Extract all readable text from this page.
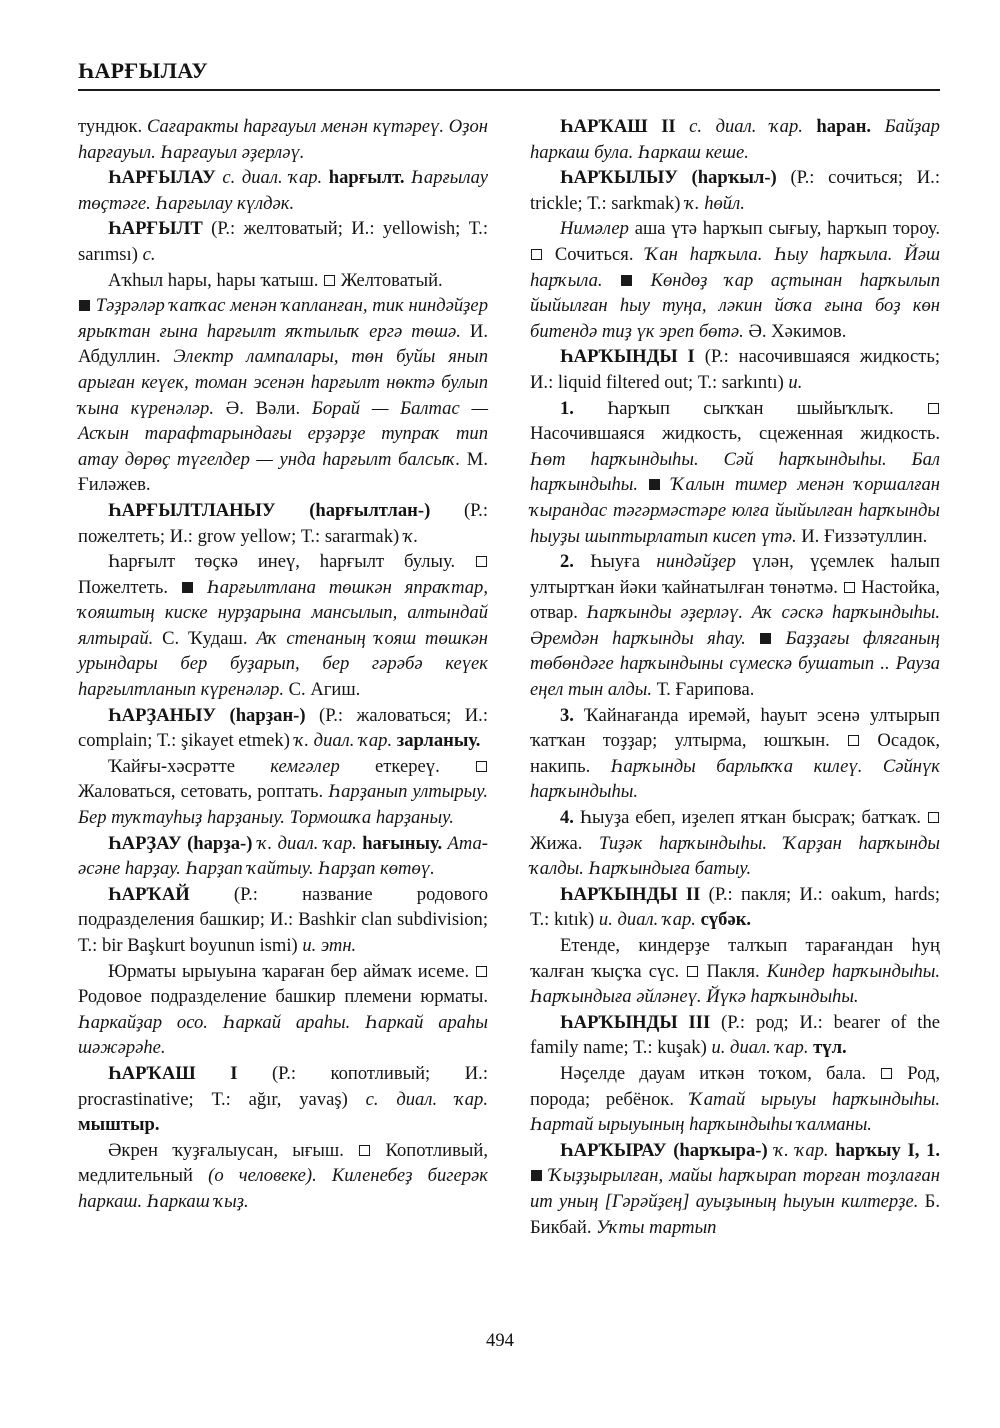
ҺАРҒЫЛАУ

тундюк. Сағаракты һарғауыл менән күтәреү. Оҙон һарғауыл. Һарғауыл әҙерләү.

ҺАРҒЫЛАУ с. диал. ҡар. һарғылт. Һарғылау төҫтәге. Һарғылау күлдәк.

ҺАРҒЫЛТ (Р.: желтоватый; И.: yellowish; Т.: sarımsı) с.

Аҡһыл һары, һары ҡатыш.  Желтоватый.

Тәҙрәләр ҡапҡас менән ҡапланған, тик ниндәйҙер ярыҡтан ғына һарғылт яҡтылыҡ ергә төшә. И. Абдуллин. Электр лампалары, төн буйы янып арыған кеүек, томан эсенән һарғылт нөктә булып ҡына күренәләр. Ә. Вәли. Борай — Балтас — Асҡын тарафтарындағы ерҙәрҙе тупраҡ тип атау дөрөҫ түгелдер — унда һарғылт балсыҡ. М. Ғиләжев.

ҺАРҒЫЛТЛАНЫУ (һарғылтлан-) (Р.: пожелтеть; И.: grow yellow; Т.: sararmak) ҡ.

Һарғылт төҫкә инеү, һарғылт булыу.  Пожелтеть.  Һарғылтлана төшкән япраҡтар, ҡояштың киске нурҙарына мансылып, алтындай ялтырай. С. Ҡудаш. Аҡ стенаның ҡояш төшкән урындары бер буҙарып, бер гәрәбә кеүек һарғылтланып күренәләр. С. Агиш.

ҺАРҘАНЫУ (һарҙан-) (Р.: жаловаться; И.: complain; Т.: şikayet etmek) ҡ. диал. ҡар. зарланыу.

Ҡайғы-хәсрәтте кемгәлер еткереү.  Жаловаться, сетовать, роптать. Һарҙанып ултырыу. Бер туҡтауһыҙ һарҙаныу. Тормошҡа һарҙаныу.

ҺАРҘАУ (һарҙа-) ҡ. диал. ҡар. һағыныу. Ата-әсәне һарҙау. Һарҙап ҡайтыу. Һарҙап көтөү.

ҺАРҠАЙ (Р.: название родового подразделения башкир; И.: Bashkir clan subdivision; Т.: bir Başkurt boyunun ismi) и. этн.

Юрматы ырыуына ҡараған бер аймаҡ исеме.  Родовое подразделение башкир племени юрматы. Һаркайҙар осо. Һаркай араһы. Һаркай араһы шәжәрәһе.

ҺАРҠАШ I (Р.: копотливый; И.: procrastinative; Т.: ağır, yavaş) с. диал. ҡар. мыштыр.

Әкрен ҡуҙғалыусан, ығыш.  Копотливый, медлительный (о человеке). Киленебеҙ бигерәк һаркаш. Һаркаш ҡыҙ.

ҺАРҠАШ II с. диал. ҡар. һаран. Байҙар һаркаш була. Һаркаш кеше.

ҺАРҠЫЛЫУ (һарҡыл-) (Р.: сочиться; И.: trickle; Т.: sarkmak) ҡ. һөйл.

Нимәлер аша үтә һарҡып сығыу, һарҡып тороу.  Сочиться. Ҡан һарҡыла. Һыу һарҡыла. Йәш һарҡыла.  Көндөҙ ҡар аҫтынан һарҡылып йыйылған һыу туңа, ләкин йоҡа ғына боҙ көн битендә тиҙ үк эреп бөтә. Ә. Хәкимов.

ҺАРҠЫНДЫ I (Р.: насочившаяся жидкость; И.: liquid filtered out; Т.: sarkıntı) и.

1. Һарҡып сыҡҡан шыйыҡлыҡ.  Насочившаяся жидкость, сцеженная жидкость. Һөт һарҡындыһы. Сәй һарҡындыһы. Бал һарҡындыһы.  Ҡалын тимер менән ҡоршалған ҡырандас тәгәрмәстәре юлға йыйылған һарҡынды һыуҙы шыптырлатып кисеп үтә. И. Ғиззәтуллин.

2. Һыуға ниндәйҙер үлән, үҫемлек һалып ултыртҡан йәки ҡайнатылған төнәтмә.  Настойка, отвар. Һарҡынды әҙерләү. Аҡ сәскә һарҡындыһы. Әремдән һарҡынды яһау.  Баҙҙағы фляганың төбөндәге һарҡындыны сүмескә бушатып .. Рауза еңел тын алды. Т. Ғарипова.

3. Ҡайнағанда иремәй, һауыт эсенә ултырып ҡатҡан тоҙҙар; ултырма, юшҡын.  Осадок, накипь. Һарҡынды барлыҡҡа килеү. Сәйнүк һарҡындыһы.

4. Һыуҙа ебеп, иҙелеп ятҡан бысраҡ; батҡаҡ.  Жижа. Тиҙәк һарҡындыһы. Ҡарҙан һарҡынды ҡалды. Һарҡындыға батыу.

ҺАРҠЫНДЫ II (Р.: пакля; И.: oakum, hards; Т.: kıtık) и. диал. ҡар. сүбәк.

Етенде, киндерҙе талҡып тарағандан һуң ҡалған ҡыҫҡа сүс.  Пакля. Киндер һарҡындыһы. Һарҡындыға әйләнеү. Йүкә һарҡындыһы.

ҺАРҠЫНДЫ III (Р.: род; И.: bearer of the family name; Т.: kuşak) и. диал. ҡар. түл.

Нәҫелде дауам иткән тоҡом, бала.  Род, порода; ребёнок. Ҡатай ырыуы һарҡындыһы. Һартай ырыуының һарҡындыһы ҡалманы.

ҺАРҠЫРАУ (һарҡыра-) ҡ. ҡар. һарҡыу I, 1.  Ҡыҙҙырылған, майы һарҡырап торған тоҙлаған ит уның [Гәрәйҙең] ауыҙының һыуын килтерҙе. Б. Бикбай. Уҡты тартып

494
